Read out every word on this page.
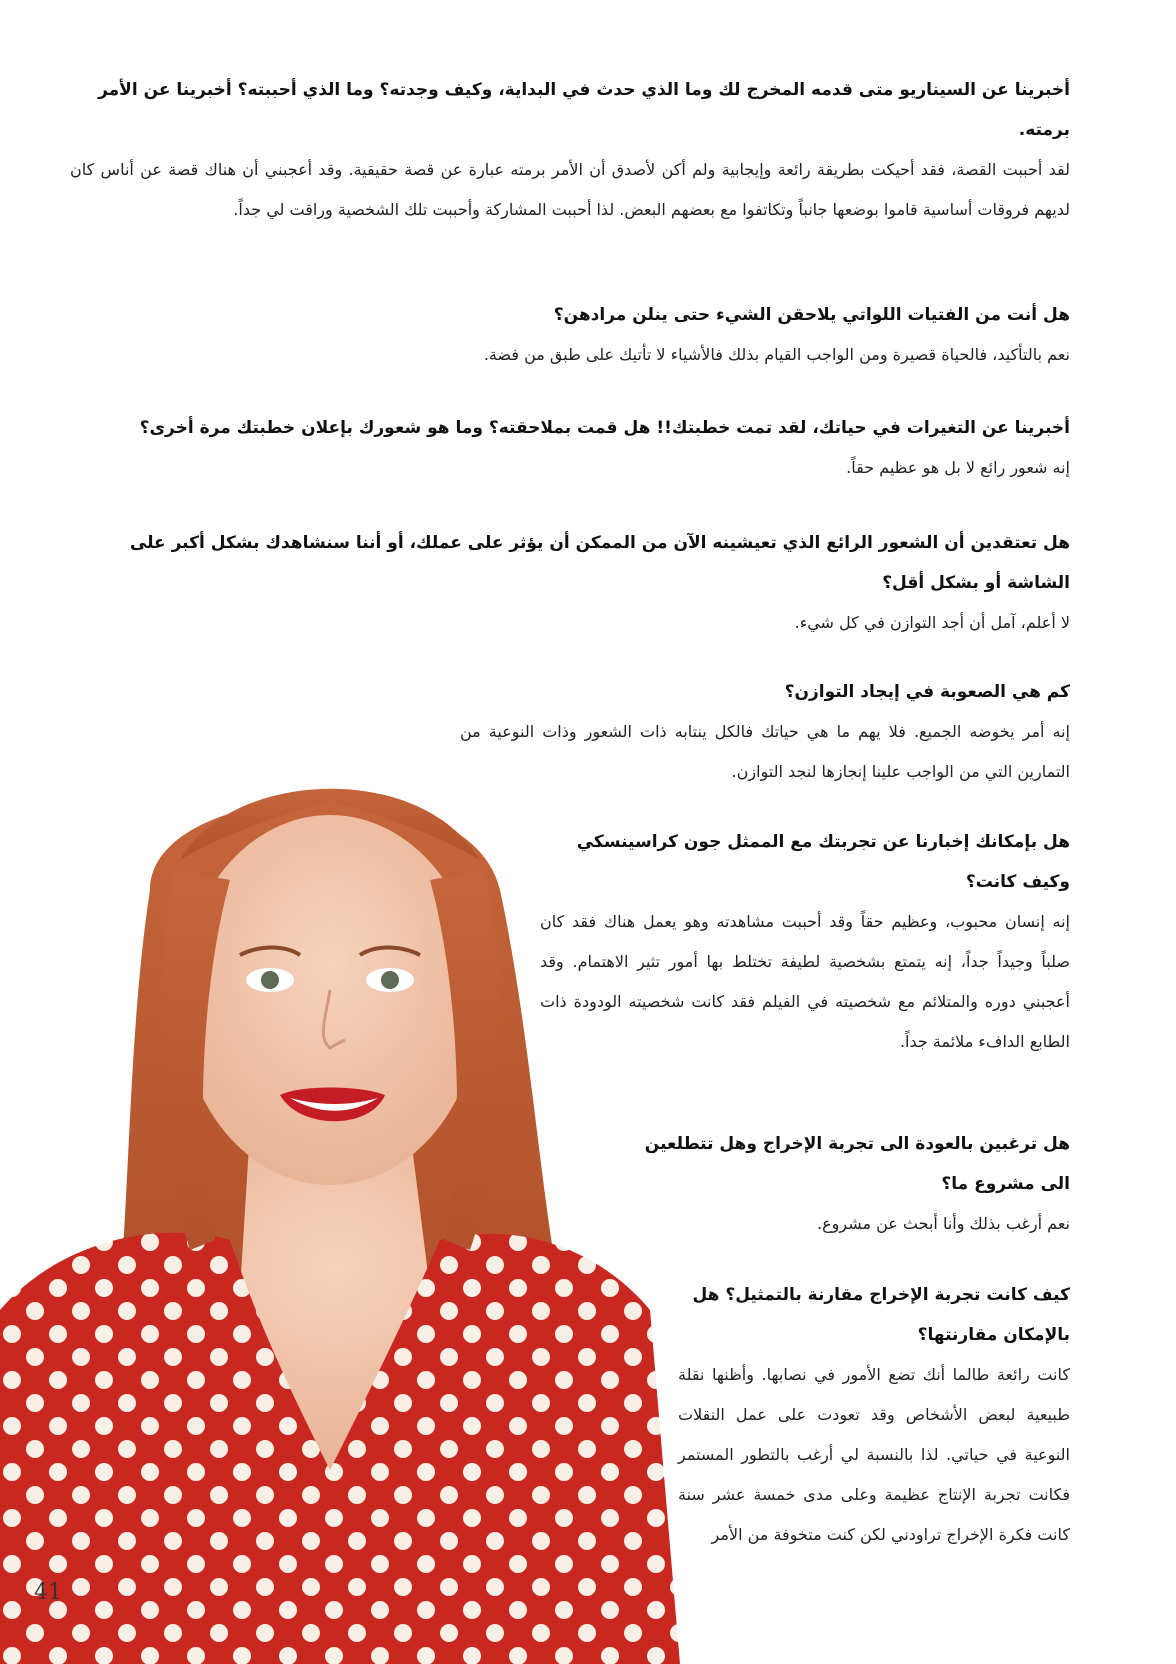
أخبرينا عن السيناريو متى قدمه المخرج لك وما الذي حدث في البداية، وكيف وجدته؟ وما الذي أحببته؟ أخبرينا عن الأمر برمته.

لقد أحببت القصة، فقد أحيكت بطريقة رائعة وإيجابية ولم أكن لأصدق أن الأمر برمته عبارة عن قصة حقيقية. وقد أعجبني أن هناك قصة عن أناس كان لديهم فروقات أساسية قاموا بوضعها جانباً وتكاتفوا مع بعضهم البعض. لذا أحببت المشاركة وأحببت تلك الشخصية وراقت لي جداً.

هل أنت من الفتيات اللواتي يلاحقن الشيء حتى ينلن مرادهن؟

نعم بالتأكيد، فالحياة قصيرة ومن الواجب القيام بذلك فالأشياء لا تأتيك على طبق من فضة.

أخبرينا عن التغيرات في حياتك، لقد تمت خطبتك!! هل قمت بملاحقته؟ وما هو شعورك بإعلان خطبتك مرة أخرى؟

إنه شعور رائع لا بل هو عظيم حقاً.

هل تعتقدين أن الشعور الرائع الذي تعيشينه الآن من الممكن أن يؤثر على عملك، أو أننا سنشاهدك بشكل أكبر على الشاشة أو بشكل أقل؟

لا أعلم، آمل أن أجد التوازن في كل شيء.

كم هي الصعوبة في إيجاد التوازن؟

إنه أمر يخوضه الجميع. فلا يهم ما هي حياتك فالكل ينتابه ذات الشعور وذات النوعية من التمارين التي من الواجب علينا إنجازها لنجد التوازن.

هل بإمكانك إخبارنا عن تجربتك مع الممثل جون كراسينسكي وكيف كانت؟

إنه إنسان محبوب، وعظيم حقاً وقد أحببت مشاهدته وهو يعمل هناك فقد كان صلباً وجيداً جداً، إنه يتمتع بشخصية لطيفة تختلط بها أمور تثير الاهتمام. وقد أعجبني دوره والمتلائم مع شخصيته في الفيلم فقد كانت شخصيته الودودة ذات الطابع الدافء ملائمة جداً.

هل ترغبين بالعودة الى تجربة الإخراج وهل تتطلعين الى مشروع ما؟

نعم أرغب بذلك وأنا أبحث عن مشروع.

كيف كانت تجربة الإخراج مقارنة بالتمثيل؟ هل بالإمكان مقارنتها؟

كانت رائعة طالما أنك تضع الأمور في نصابها. وأظنها نقلة طبيعية لبعض الأشخاص وقد تعودت على عمل النقلات النوعية في حياتي. لذا بالنسبة لي أرغب بالتطور المستمر فكانت تجربة الإنتاج عظيمة وعلى مدى خمسة عشر سنة كانت فكرة الإخراج تراودني لكن كنت متخوفة من الأمر

41
